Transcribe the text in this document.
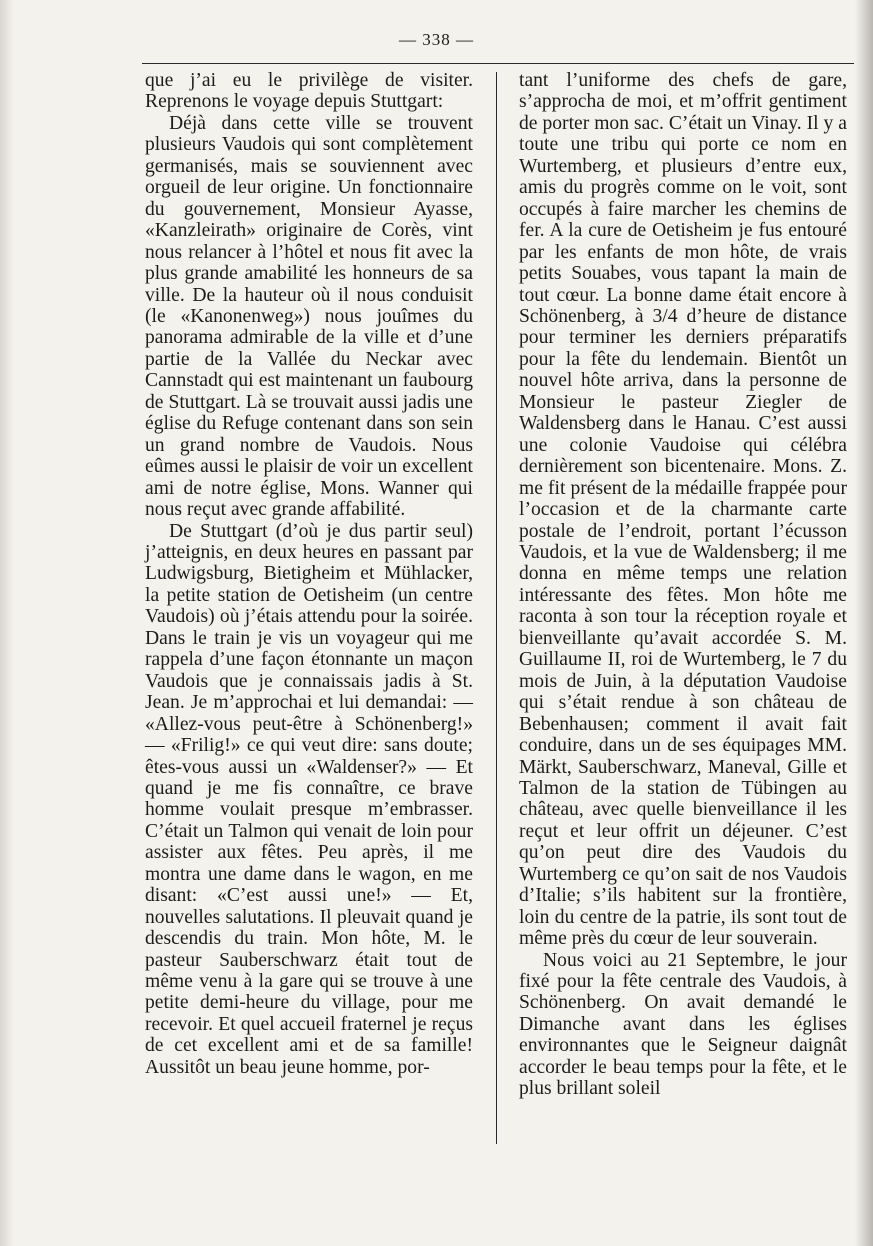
— 338 —

que j’ai eu le privilège de visiter. Reprenons le voyage depuis Stuttgart:

Déjà dans cette ville se trouvent plusieurs Vaudois qui sont complètement germanisés, mais se souviennent avec orgueil de leur origine. Un fonctionnaire du gouvernement, Monsieur Ayasse, «Kanzleirath» originaire de Corès, vint nous relancer à l’hôtel et nous fit avec la plus grande amabilité les honneurs de sa ville. De la hauteur où il nous conduisit (le «Kanonenweg») nous jouîmes du panorama admirable de la ville et d’une partie de la Vallée du Neckar avec Cannstadt qui est maintenant un faubourg de Stuttgart. Là se trouvait aussi jadis une église du Refuge contenant dans son sein un grand nombre de Vaudois. Nous eûmes aussi le plaisir de voir un excellent ami de notre église, Mons. Wanner qui nous reçut avec grande affabilité.

De Stuttgart (d’où je dus partir seul) j’atteignis, en deux heures en passant par Ludwigsburg, Bietigheim et Mühlacker, la petite station de Oetisheim (un centre Vaudois) où j’étais attendu pour la soirée. Dans le train je vis un voyageur qui me rappela d’une façon étonnante un maçon Vaudois que je connaissais jadis à St. Jean. Je m’approchai et lui demandai: — «Allez-vous peut-être à Schönenberg!» — «Frilig!» ce qui veut dire: sans doute; êtes-vous aussi un «Waldenser?» — Et quand je me fis connaître, ce brave homme voulait presque m’embrasser. C’était un Talmon qui venait de loin pour assister aux fêtes. Peu après, il me montra une dame dans le wagon, en me disant: «C’est aussi une!» — Et, nouvelles salutations. Il pleuvait quand je descendis du train. Mon hôte, M. le pasteur Sauberschwarz était tout de même venu à la gare qui se trouve à une petite demi-heure du village, pour me recevoir. Et quel accueil fraternel je reçus de cet excellent ami et de sa famille! Aussitôt un beau jeune homme, por-

tant l’uniforme des chefs de gare, s’approcha de moi, et m’offrit gentiment de porter mon sac. C’était un Vinay. Il y a toute une tribu qui porte ce nom en Wurtemberg, et plusieurs d’entre eux, amis du progrès comme on le voit, sont occupés à faire marcher les chemins de fer. A la cure de Oetisheim je fus entouré par les enfants de mon hôte, de vrais petits Souabes, vous tapant la main de tout cœur. La bonne dame était encore à Schönenberg, à 3/4 d’heure de distance pour terminer les derniers préparatifs pour la fête du lendemain. Bientôt un nouvel hôte arriva, dans la personne de Monsieur le pasteur Ziegler de Waldensberg dans le Hanau. C’est aussi une colonie Vaudoise qui célébra dernièrement son bicentenaire. Mons. Z. me fit présent de la médaille frappée pour l’occasion et de la charmante carte postale de l’endroit, portant l’écusson Vaudois, et la vue de Waldensberg; il me donna en même temps une relation intéressante des fêtes. Mon hôte me raconta à son tour la réception royale et bienveillante qu’avait accordée S. M. Guillaume II, roi de Wurtemberg, le 7 du mois de Juin, à la députation Vaudoise qui s’était rendue à son château de Bebenhausen; comment il avait fait conduire, dans un de ses équipages MM. Märkt, Sauberschwarz, Maneval, Gille et Talmon de la station de Tübingen au château, avec quelle bienveillance il les reçut et leur offrit un déjeuner. C’est qu’on peut dire des Vaudois du Wurtemberg ce qu’on sait de nos Vaudois d’Italie; s’ils habitent sur la frontière, loin du centre de la patrie, ils sont tout de même près du cœur de leur souverain.

Nous voici au 21 Septembre, le jour fixé pour la fête centrale des Vaudois, à Schönenberg. On avait demandé le Dimanche avant dans les églises environnantes que le Seigneur daignât accorder le beau temps pour la fête, et le plus brillant soleil
